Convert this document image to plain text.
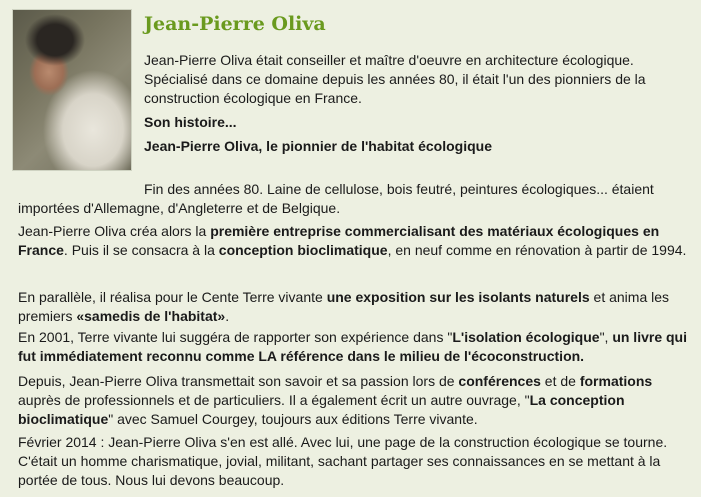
Jean-Pierre Oliva

Jean-Pierre Oliva était conseiller et maître d'oeuvre en architecture écologique. Spécialisé dans ce domaine depuis les années 80, il était l'un des pionniers de la construction écologique en France.

Son histoire...

Jean-Pierre Oliva, le pionnier de l'habitat écologique

Fin des années 80. Laine de cellulose, bois feutré, peintures écologiques... étaient importées d'Allemagne, d'Angleterre et de Belgique.

Jean-Pierre Oliva créa alors la première entreprise commercialisant des matériaux écologiques en France. Puis il se consacra à la conception bioclimatique, en neuf comme en rénovation à partir de 1994.

En parallèle, il réalisa pour le Cente Terre vivante une exposition sur les isolants naturels et anima les premiers «samedis de l'habitat».

En 2001, Terre vivante lui suggéra de rapporter son expérience dans "L'isolation écologique", un livre qui fut immédiatement reconnu comme LA référence dans le milieu de l'écoconstruction.

Depuis, Jean-Pierre Oliva transmettait son savoir et sa passion lors de conférences et de formations auprès de professionnels et de particuliers. Il a également écrit un autre ouvrage, "La conception bioclimatique" avec Samuel Courgey, toujours aux éditions Terre vivante.

Février 2014 : Jean-Pierre Oliva s'en est allé. Avec lui, une page de la construction écologique se tourne. C'était un homme charismatique, jovial, militant, sachant partager ses connaissances en se mettant à la portée de tous. Nous lui devons beaucoup.
